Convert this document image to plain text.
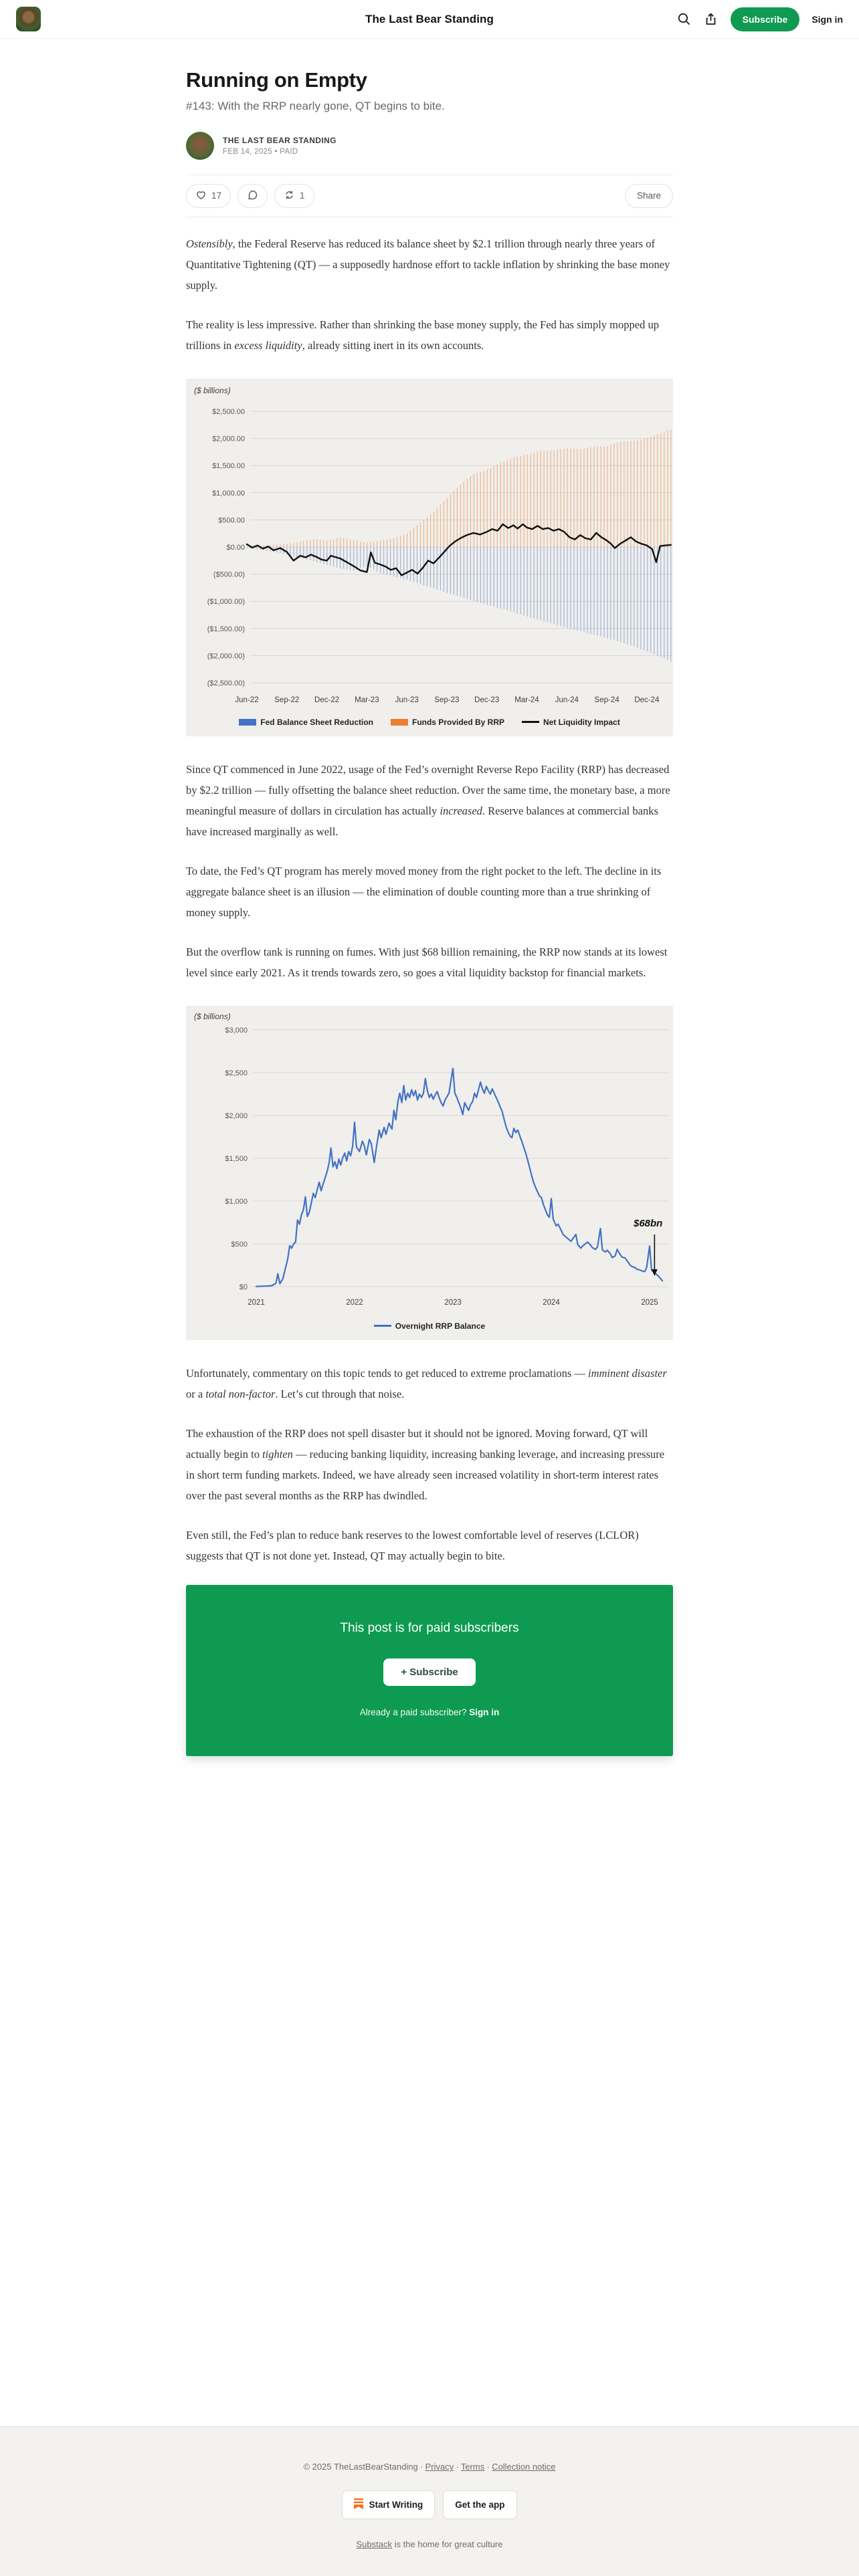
The Last Bear Standing	Subscribe	Sign in
Running on Empty

#143: With the RRP nearly gone, QT begins to bite.

THE LAST BEAR STANDING
FEB 14, 2025 • PAID
17	1	Share

Ostensibly, the Federal Reserve has reduced its balance sheet by $2.1 trillion through nearly three years of Quantitative Tightening (QT) — a supposedly hardnose effort to tackle inflation by shrinking the base money supply.

The reality is less impressive. Rather than shrinking the base money supply, the Fed has simply mopped up trillions in excess liquidity, already sitting inert in its own accounts.

$2,500.00
$2,000.00
$1,500.00
$1,000.00
$500.00
$0.00
($500.00)
($1,000.00)
($1,500.00)
($2,000.00)
($2,500.00)
($ billions)
Jun-22 Sep-22 Dec-22 Mar-23 Jun-23 Sep-23 Dec-23 Mar-24 Jun-24 Sep-24 Dec-24
Fed Balance Sheet Reduction	Funds Provided By RRP	Net Liquidity Impact

Since QT commenced in June 2022, usage of the Fed’s overnight Reverse Repo Facility (RRP) has decreased by $2.2 trillion — fully offsetting the balance sheet reduction. Over the same time, the monetary base, a more meaningful measure of dollars in circulation has actually increased. Reserve balances at commercial banks have increased marginally as well.

To date, the Fed’s QT program has merely moved money from the right pocket to the left. The decline in its aggregate balance sheet is an illusion — the elimination of double counting more than a true shrinking of money supply.

But the overflow tank is running on fumes. With just $68 billion remaining, the RRP now stands at its lowest level since early 2021. As it trends towards zero, so goes a vital liquidity backstop for financial markets.

$3,000
$2,500
$2,000
$1,500
$1,000
$500
$0
($ billions)
2021	2022	2023	2024	2025
$68bn
Overnight RRP Balance

Unfortunately, commentary on this topic tends to get reduced to extreme proclamations — imminent disaster or a total non-factor. Let’s cut through that noise.

The exhaustion of the RRP does not spell disaster but it should not be ignored. Moving forward, QT will actually begin to tighten — reducing banking liquidity, increasing banking leverage, and increasing pressure in short term funding markets. Indeed, we have already seen increased volatility in short-term interest rates over the past several months as the RRP has dwindled.

Even still, the Fed’s plan to reduce bank reserves to the lowest comfortable level of reserves (LCLOR) suggests that QT is not done yet. Instead, QT may actually begin to bite.

This post is for paid subscribers
+ Subscribe
Already a paid subscriber? Sign in
© 2025 TheLastBearStanding ∙ Privacy ∙ Terms ∙ Collection notice
Start Writing	Get the app
Substack is the home for great culture
